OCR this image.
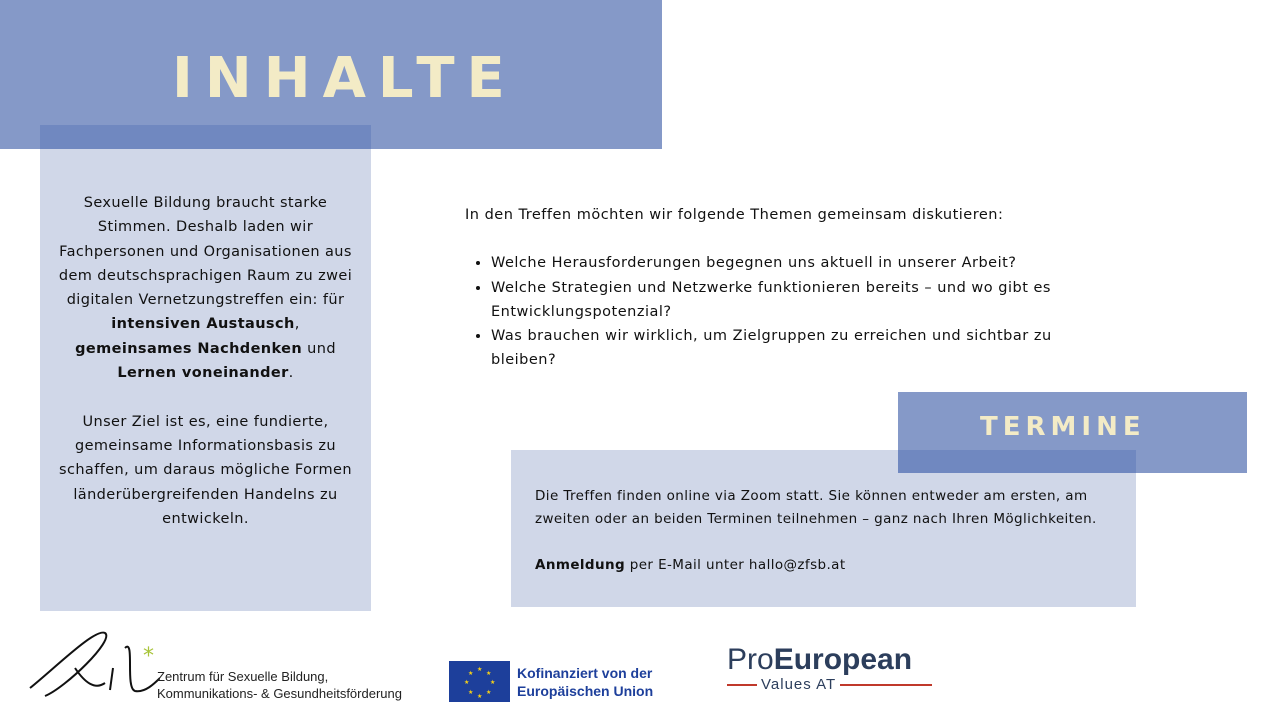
INHALTE

Sexuelle Bildung braucht starke Stimmen. Deshalb laden wir Fachpersonen und Organisationen aus dem deutschsprachigen Raum zu zwei digitalen Vernetzungstreffen ein: für intensiven Austausch, gemeinsames Nachdenken und Lernen voneinander.

Unser Ziel ist es, eine fundierte, gemeinsame Informationsbasis zu schaffen, um daraus mögliche Formen länderübergreifenden Handelns zu entwickeln.

In den Treffen möchten wir folgende Themen gemeinsam diskutieren:

• Welche Herausforderungen begegnen uns aktuell in unserer Arbeit?
• Welche Strategien und Netzwerke funktionieren bereits – und wo gibt es Entwicklungspotenzial?
• Was brauchen wir wirklich, um Zielgruppen zu erreichen und sichtbar zu bleiben?
TERMINE

Die Treffen finden online via Zoom statt. Sie können entweder am ersten, am zweiten oder an beiden Terminen teilnehmen – ganz nach Ihren Möglichkeiten.

Anmeldung per E-Mail unter hallo@zfsb.at

*
Zentrum für Sexuelle Bildung,
Kommunikations- & Gesundheitsförderung
★
★
★	★
★ ★
★ ★
Kofinanziert von der
Europäischen Union
ProEuropean
Values AT
